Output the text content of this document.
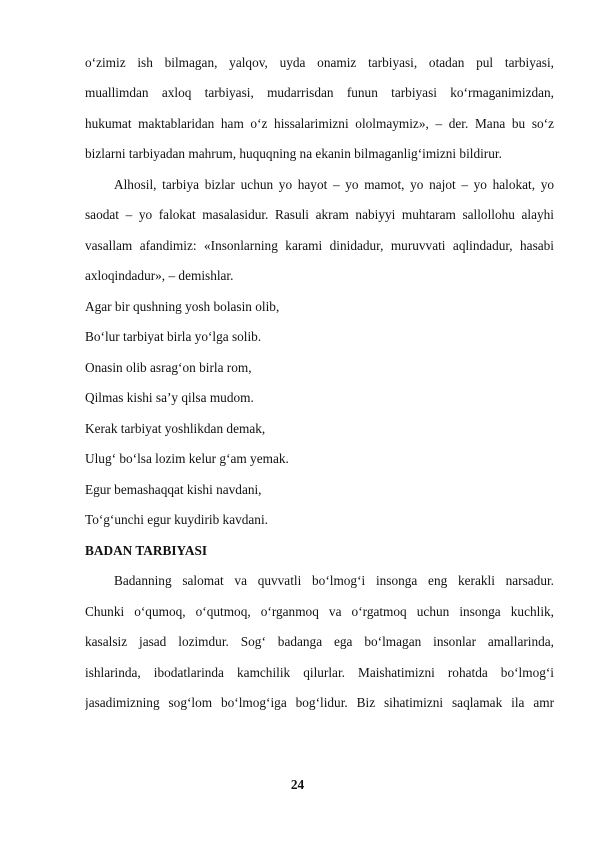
o‘zimiz ish bilmagan, yalqov, uyda onamiz tarbiyasi, otadan pul tarbiyasi,
muallimdan axloq tarbiyasi, mudarrisdan funun tarbiyasi ko‘rmaganimizdan,
hukumat maktablaridan ham o‘z hissalarimizni ololmaymiz», – der. Mana bu so‘z
bizlarni tarbiyadan mahrum, huquqning na ekanin bilmaganlig‘imizni bildirur.
Alhosil, tarbiya bizlar uchun yo hayot – yo mamot, yo najot – yo halokat, yo
saodat – yo falokat masalasidur. Rasuli akram nabiyyi muhtaram sallollohu alayhi
vasallam afandimiz: «Insonlarning karami dinidadur, muruvvati aqlindadur, hasabi
axloqindadur», – demishlar.
Agar bir qushning yosh bolasin olib,
Bo‘lur tarbiyat birla yo‘lga solib.
Onasin olib asrag‘on birla rom,
Qilmas kishi sa’y qilsa mudom.
Kerak tarbiyat yoshlikdan demak,
Ulug‘ bo‘lsa lozim kelur g‘am yemak.
Egur bemashaqqat kishi navdani,
To‘g‘unchi egur kuydirib kavdani.
BADAN TARBIYASI
Badanning salomat va quvvatli bo‘lmog‘i insonga eng kerakli narsadur.
Chunki o‘qumoq, o‘qutmoq, o‘rganmoq va o‘rgatmoq uchun insonga kuchlik,
kasalsiz jasad lozimdur. Sog‘ badanga ega bo‘lmagan insonlar amallarinda,
ishlarinda, ibodatlarinda kamchilik qilurlar. Maishatimizni rohatda bo‘lmog‘i
jasadimizning sog‘lom bo‘lmog‘iga bog‘lidur. Biz sihatimizni saqlamak ila amr
24
